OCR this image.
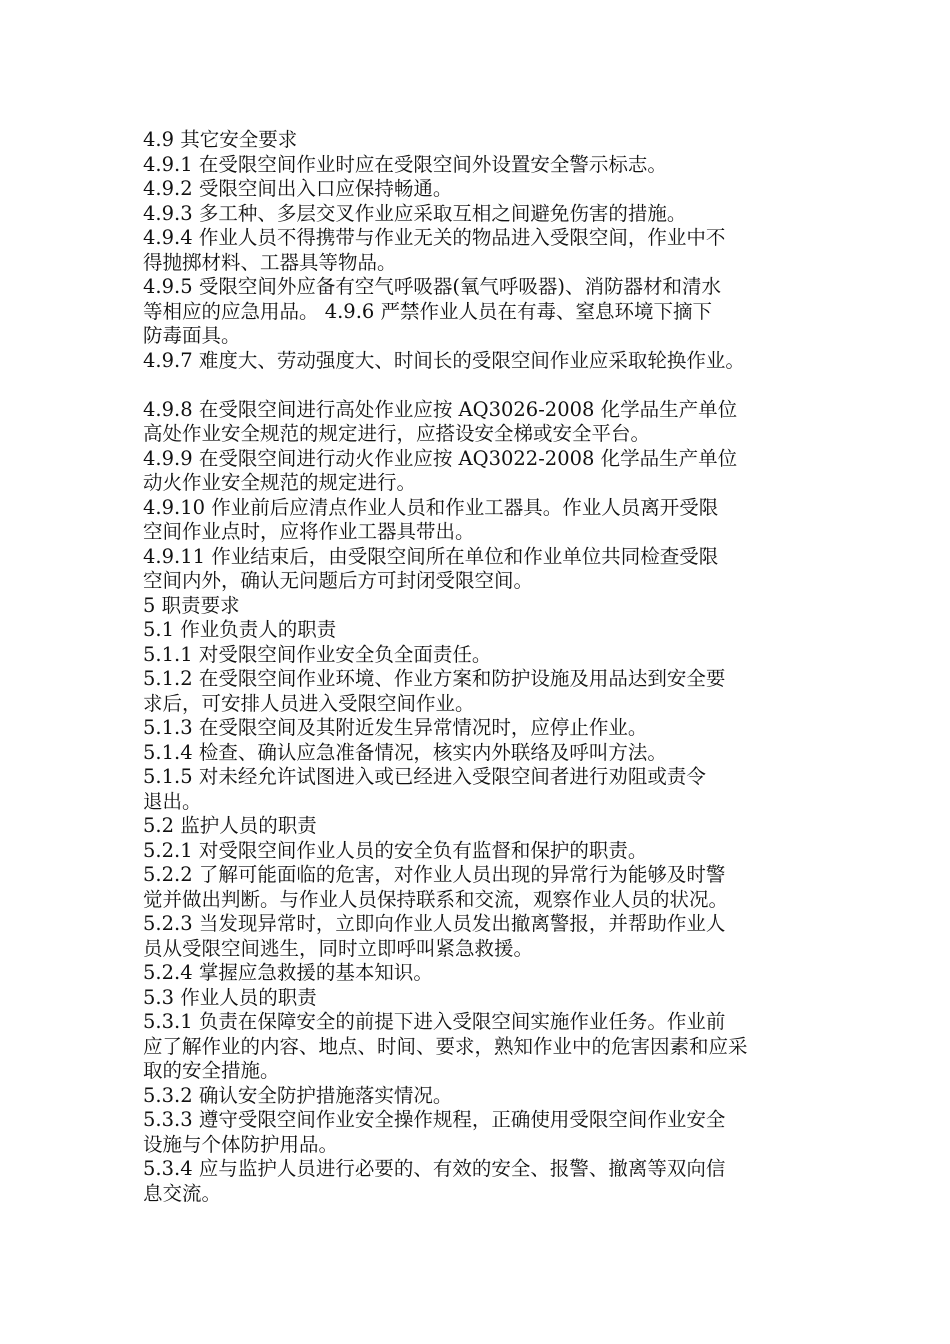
4.9 其它安全要求
4.9.1 在受限空间作业时应在受限空间外设置安全警示标志。
4.9.2 受限空间出入口应保持畅通。
4.9.3 多工种、多层交叉作业应采取互相之间避免伤害的措施。
4.9.4 作业人员不得携带与作业无关的物品进入受限空间，作业中不
得抛掷材料、工器具等物品。
4.9.5 受限空间外应备有空气呼吸器(氧气呼吸器)、消防器材和清水
等相应的应急用品。 4.9.6 严禁作业人员在有毒、窒息环境下摘下
防毒面具。
4.9.7 难度大、劳动强度大、时间长的受限空间作业应采取轮换作业。
4.9.8 在受限空间进行高处作业应按 AQ3026-2008 化学品生产单位
高处作业安全规范的规定进行，应搭设安全梯或安全平台。
4.9.9 在受限空间进行动火作业应按 AQ3022-2008 化学品生产单位
动火作业安全规范的规定进行。
4.9.10 作业前后应清点作业人员和作业工器具。作业人员离开受限
空间作业点时，应将作业工器具带出。
4.9.11 作业结束后，由受限空间所在单位和作业单位共同检查受限
空间内外，确认无问题后方可封闭受限空间。
5 职责要求
5.1 作业负责人的职责
5.1.1 对受限空间作业安全负全面责任。
5.1.2 在受限空间作业环境、作业方案和防护设施及用品达到安全要
求后，可安排人员进入受限空间作业。
5.1.3 在受限空间及其附近发生异常情况时，应停止作业。
5.1.4 检查、确认应急准备情况，核实内外联络及呼叫方法。
5.1.5 对未经允许试图进入或已经进入受限空间者进行劝阻或责令
退出。
5.2 监护人员的职责
5.2.1 对受限空间作业人员的安全负有监督和保护的职责。
5.2.2 了解可能面临的危害，对作业人员出现的异常行为能够及时警
觉并做出判断。与作业人员保持联系和交流，观察作业人员的状况。
5.2.3 当发现异常时，立即向作业人员发出撤离警报，并帮助作业人
员从受限空间逃生，同时立即呼叫紧急救援。
5.2.4 掌握应急救援的基本知识。
5.3 作业人员的职责
5.3.1 负责在保障安全的前提下进入受限空间实施作业任务。作业前
应了解作业的内容、地点、时间、要求，熟知作业中的危害因素和应采
取的安全措施。
5.3.2 确认安全防护措施落实情况。
5.3.3 遵守受限空间作业安全操作规程，正确使用受限空间作业安全
设施与个体防护用品。
5.3.4 应与监护人员进行必要的、有效的安全、报警、撤离等双向信
息交流。
